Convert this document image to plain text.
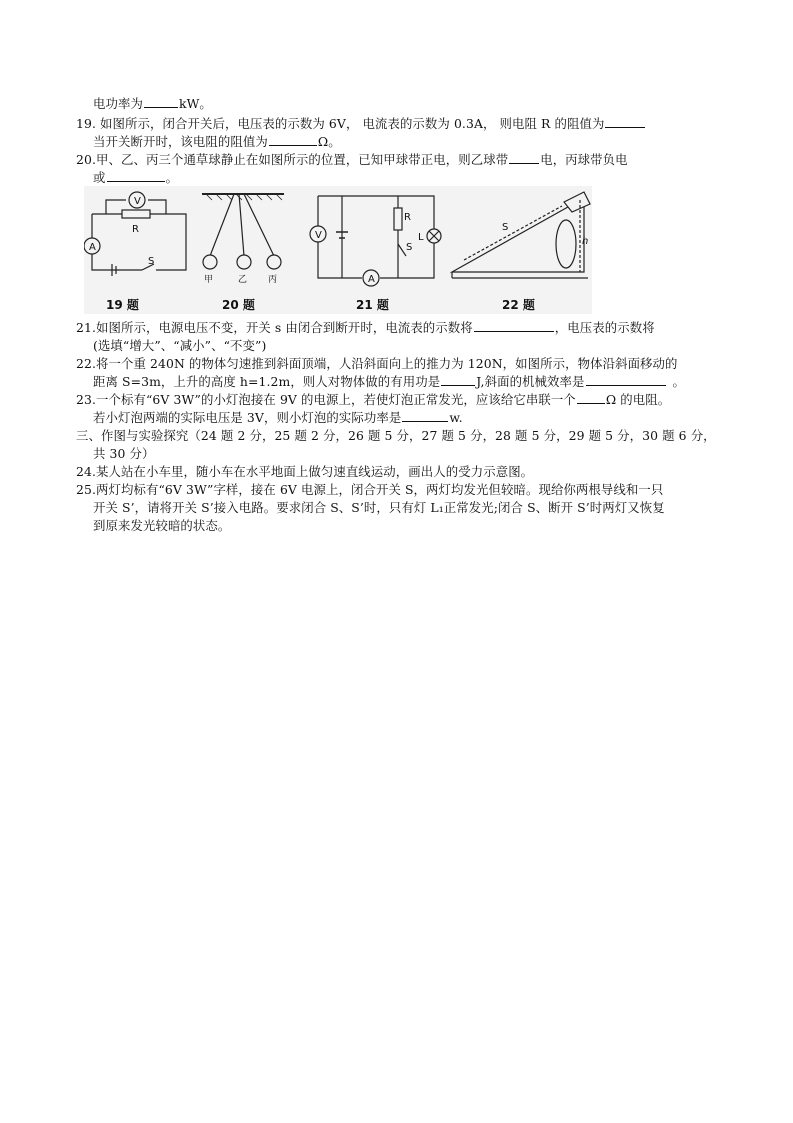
电功率为	kW。
19. 如图所示，闭合开关后，电压表的示数为 6V， 电流表的示数为 0.3A， 则电阻 R 的阻值为
当开关断开时，该电阻的阻值为	Ω。
20.甲、乙、丙三个通草球静止在如图所示的位置，已知甲球带正电，则乙球带	电，丙球带负电
或	。
V
A
R
S
甲	乙 丙
V
A
R
S
L
S
h
19 题	20 题	21 题	22 题
21.如图所示，电源电压不变，开关 s 由闭合到断开时，电流表的示数将	，电压表的示数将
(选填“增大”、“减小”、“不变”)
22.将一个重 240N 的物体匀速推到斜面顶端，人沿斜面向上的推力为 120N，如图所示，物体沿斜面移动的
距离 S=3m，上升的高度 h=1.2m，则人对物体做的有用功是	J,斜面的机械效率是	。
23.一个标有“6V 3W”的小灯泡接在 9V 的电源上，若使灯泡正常发光，应该给它串联一个 Ω 的电阻。
若小灯泡两端的实际电压是 3V，则小灯泡的实际功率是	w.
三、作图与实验探究（24 题 2 分，25 题 2 分，26 题 5 分，27 题 5 分，28 题 5 分，29 题 5 分，30 题 6 分，
共 30 分）
24.某人站在小车里，随小车在水平地面上做匀速直线运动，画出人的受力示意图。
25.两灯均标有“6V 3W”字样，接在 6V 电源上，闭合开关 S，两灯均发光但较暗。现给你两根导线和一只
开关 S’，请将开关 S’接入电路。要求闭合 S、S’时，只有灯 L₁正常发光;闭合 S、断开 S’时两灯又恢复
到原来发光较暗的状态。
